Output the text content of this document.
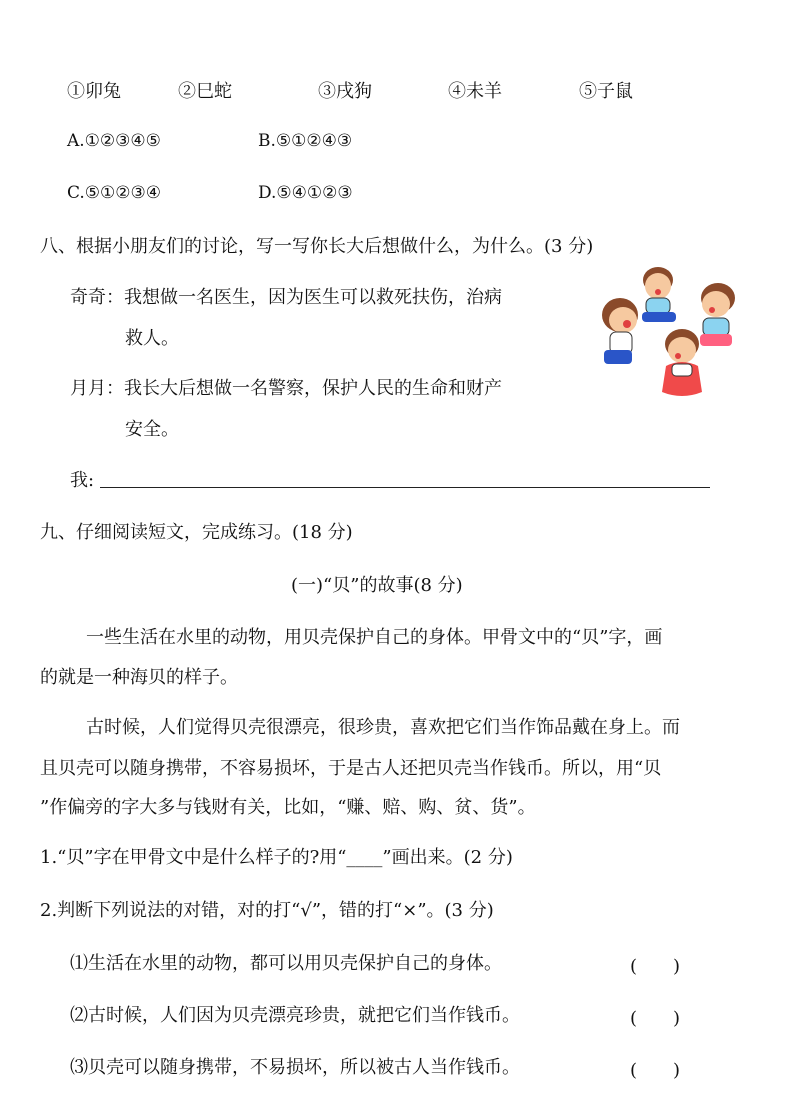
①卯兔	②巳蛇	③戌狗	④未羊	⑤子鼠
A.①②③④⑤	B.⑤①②④③
C.⑤①②③④	D.⑤④①②③
八、根据小朋友们的讨论，写一写你长大后想做什么，为什么。(3 分)
奇奇：我想做一名医生，因为医生可以救死扶伤，治病
救人。
月月：我长大后想做一名警察，保护人民的生命和财产
安全。
我:
九、仔细阅读短文，完成练习。(18 分)
(一)“贝”的故事(8 分)
一些生活在水里的动物，用贝壳保护自己的身体。甲骨文中的“贝”字，画
的就是一种海贝的样子。
古时候，人们觉得贝壳很漂亮，很珍贵，喜欢把它们当作饰品戴在身上。而
且贝壳可以随身携带，不容易损坏，于是古人还把贝壳当作钱币。所以，用“贝
”作偏旁的字大多与钱财有关，比如，“赚、赔、购、贫、货”。
1.“贝”字在甲骨文中是什么样子的?用“____”画出来。(2 分)
2.判断下列说法的对错，对的打“√”，错的打“×”。(3 分)
⑴生活在水里的动物，都可以用贝壳保护自己的身体。	(　　)
⑵古时候，人们因为贝壳漂亮珍贵，就把它们当作钱币。	(　　)
⑶贝壳可以随身携带，不易损坏，所以被古人当作钱币。	(　　)
